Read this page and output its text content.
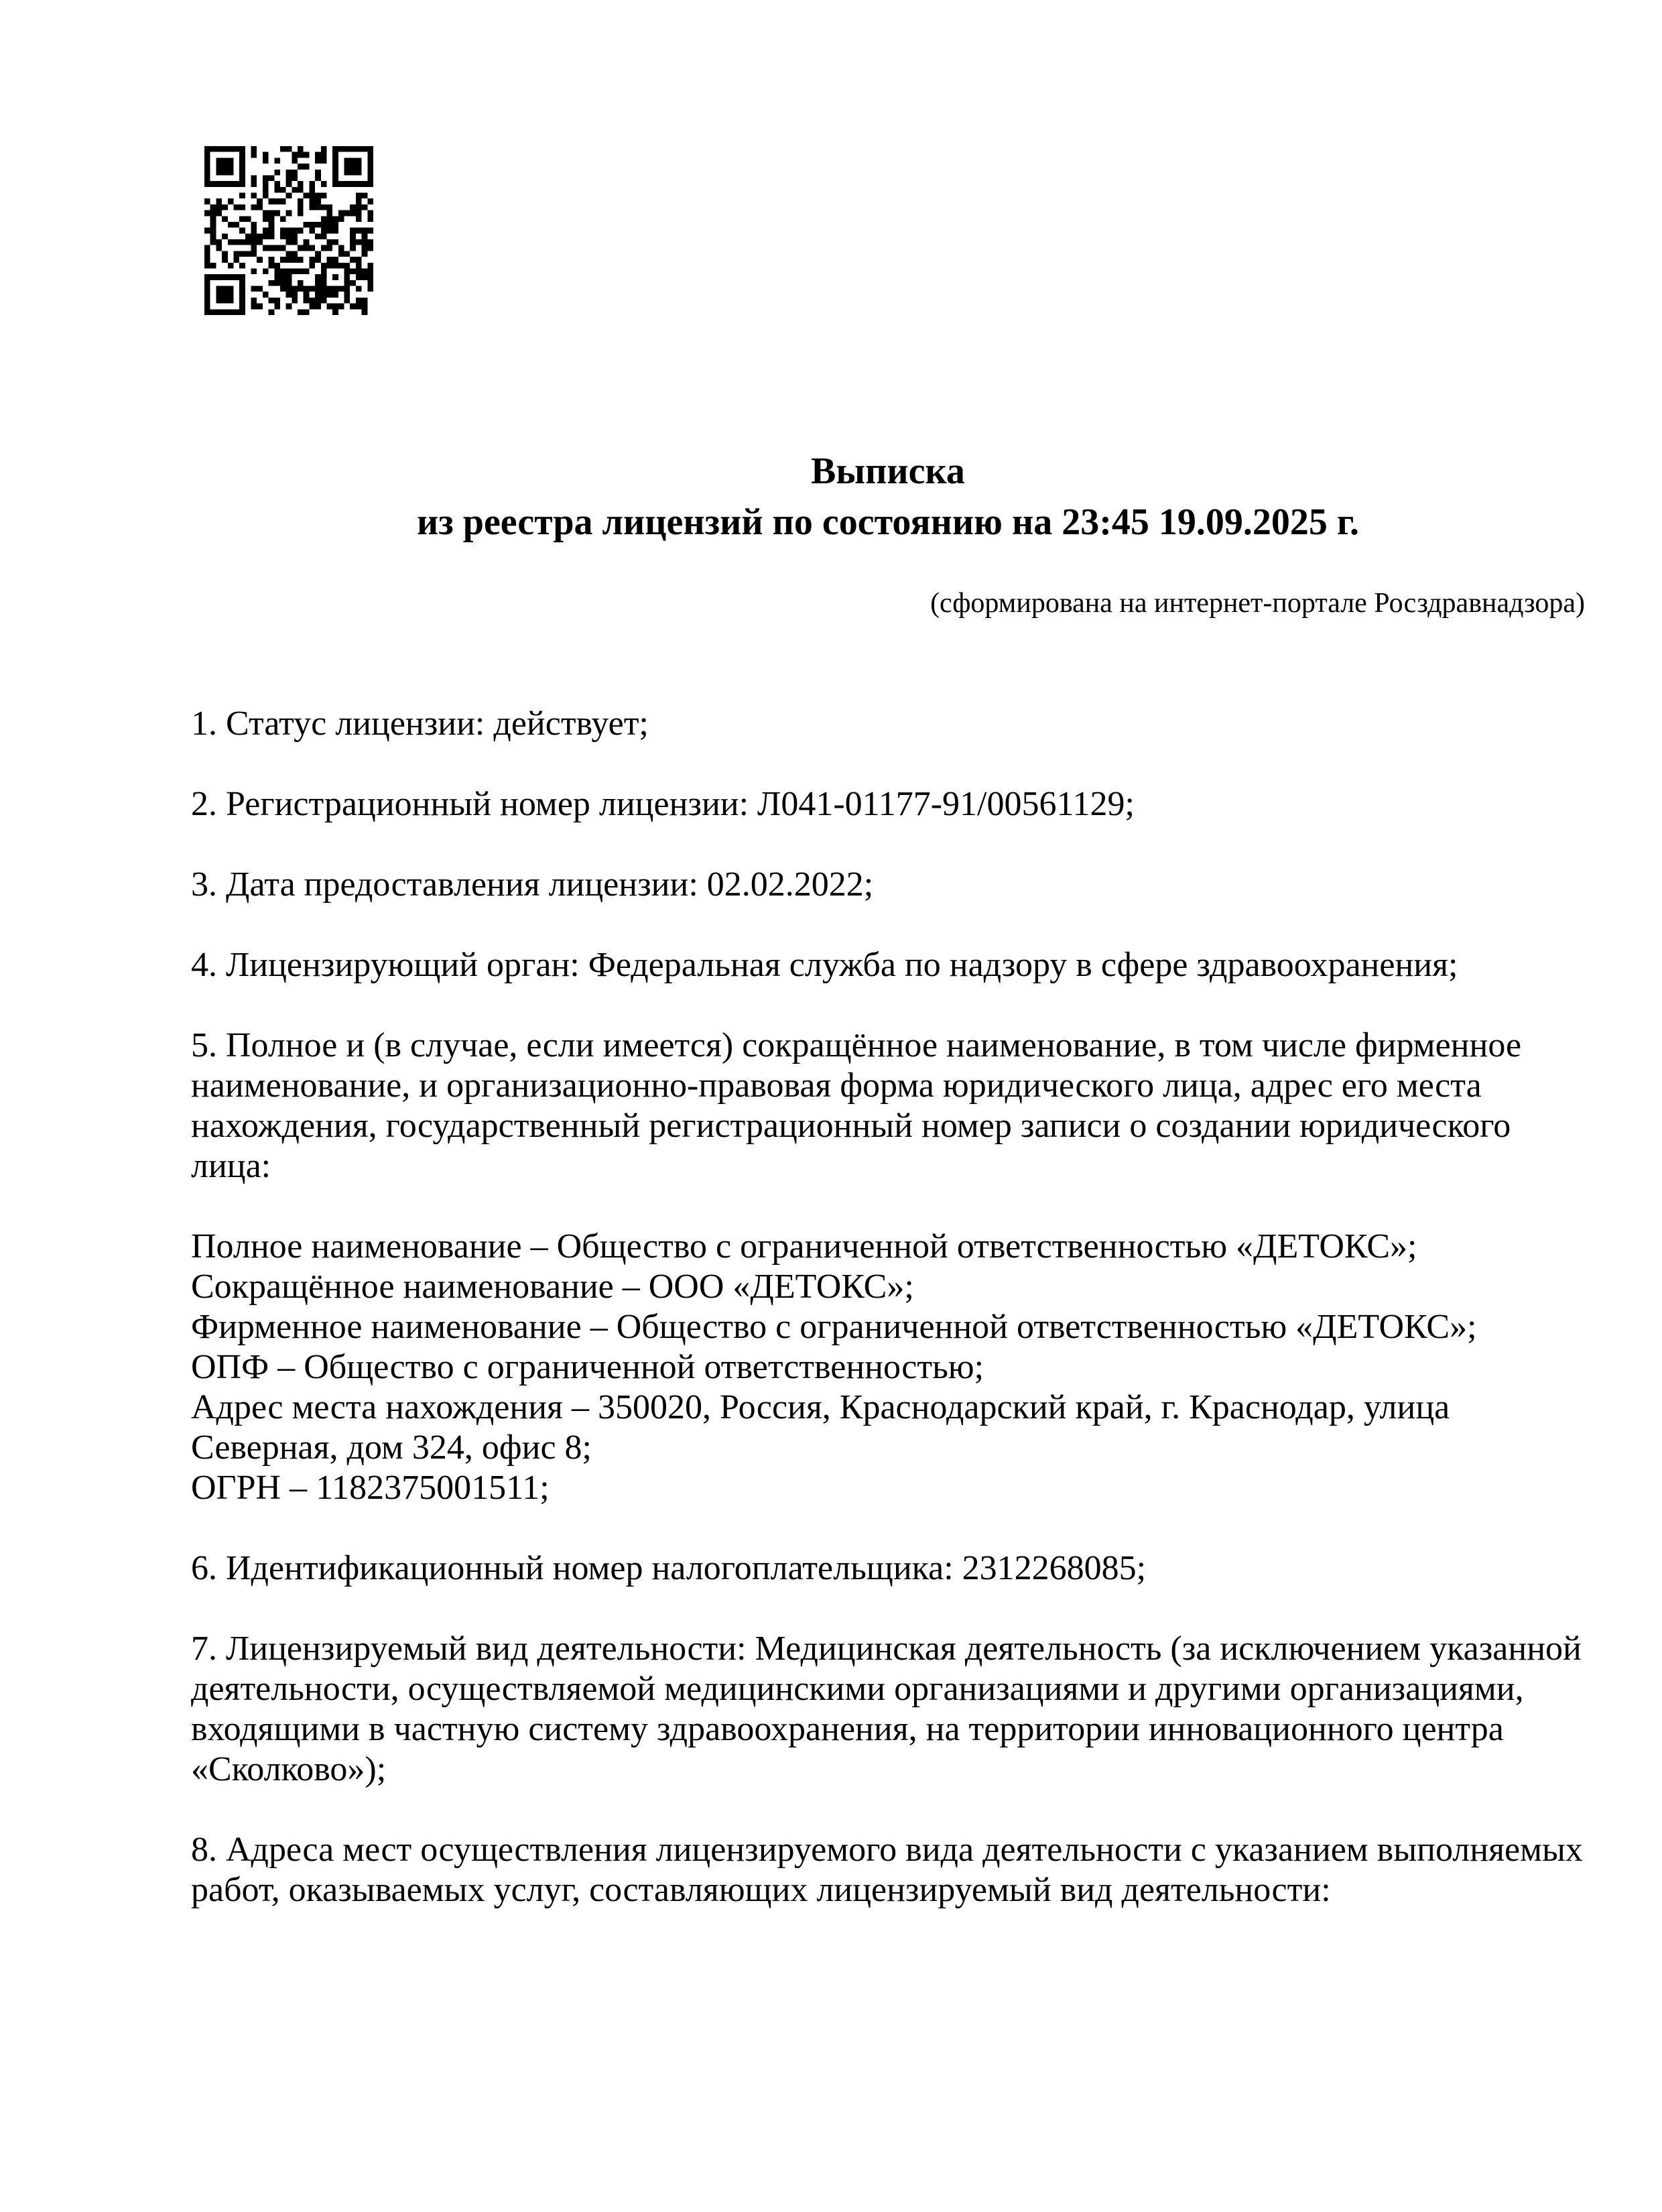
Выписка
из реестра лицензий по состоянию на 23:45 19.09.2025 г.
(сформирована на интернет-портале Росздравнадзора)

1. Статус лицензии: действует;

2. Регистрационный номер лицензии: Л041-01177-91/00561129;

3. Дата предоставления лицензии: 02.02.2022;

4. Лицензирующий орган: Федеральная служба по надзору в сфере здравоохранения;

5. Полное и (в случае, если имеется) сокращённое наименование, в том числе фирменное наименование, и организационно-правовая форма юридического лица, адрес его места нахождения, государственный регистрационный номер записи о создании юридического лица:

Полное наименование – Общество с ограниченной ответственностью «ДЕТОКС»;
Сокращённое наименование – ООО «ДЕТОКС»;
Фирменное наименование – Общество с ограниченной ответственностью «ДЕТОКС»;
ОПФ – Общество с ограниченной ответственностью;
Адрес места нахождения – 350020, Россия, Краснодарский край, г. Краснодар, улица Северная, дом 324, офис 8;
ОГРН – 1182375001511;

6. Идентификационный номер налогоплательщика: 2312268085;

7. Лицензируемый вид деятельности: Медицинская деятельность (за исключением указанной деятельности, осуществляемой медицинскими организациями и другими организациями, входящими в частную систему здравоохранения, на территории инновационного центра «Сколково»);

8. Адреса мест осуществления лицензируемого вида деятельности с указанием выполняемых работ, оказываемых услуг, составляющих лицензируемый вид деятельности:
